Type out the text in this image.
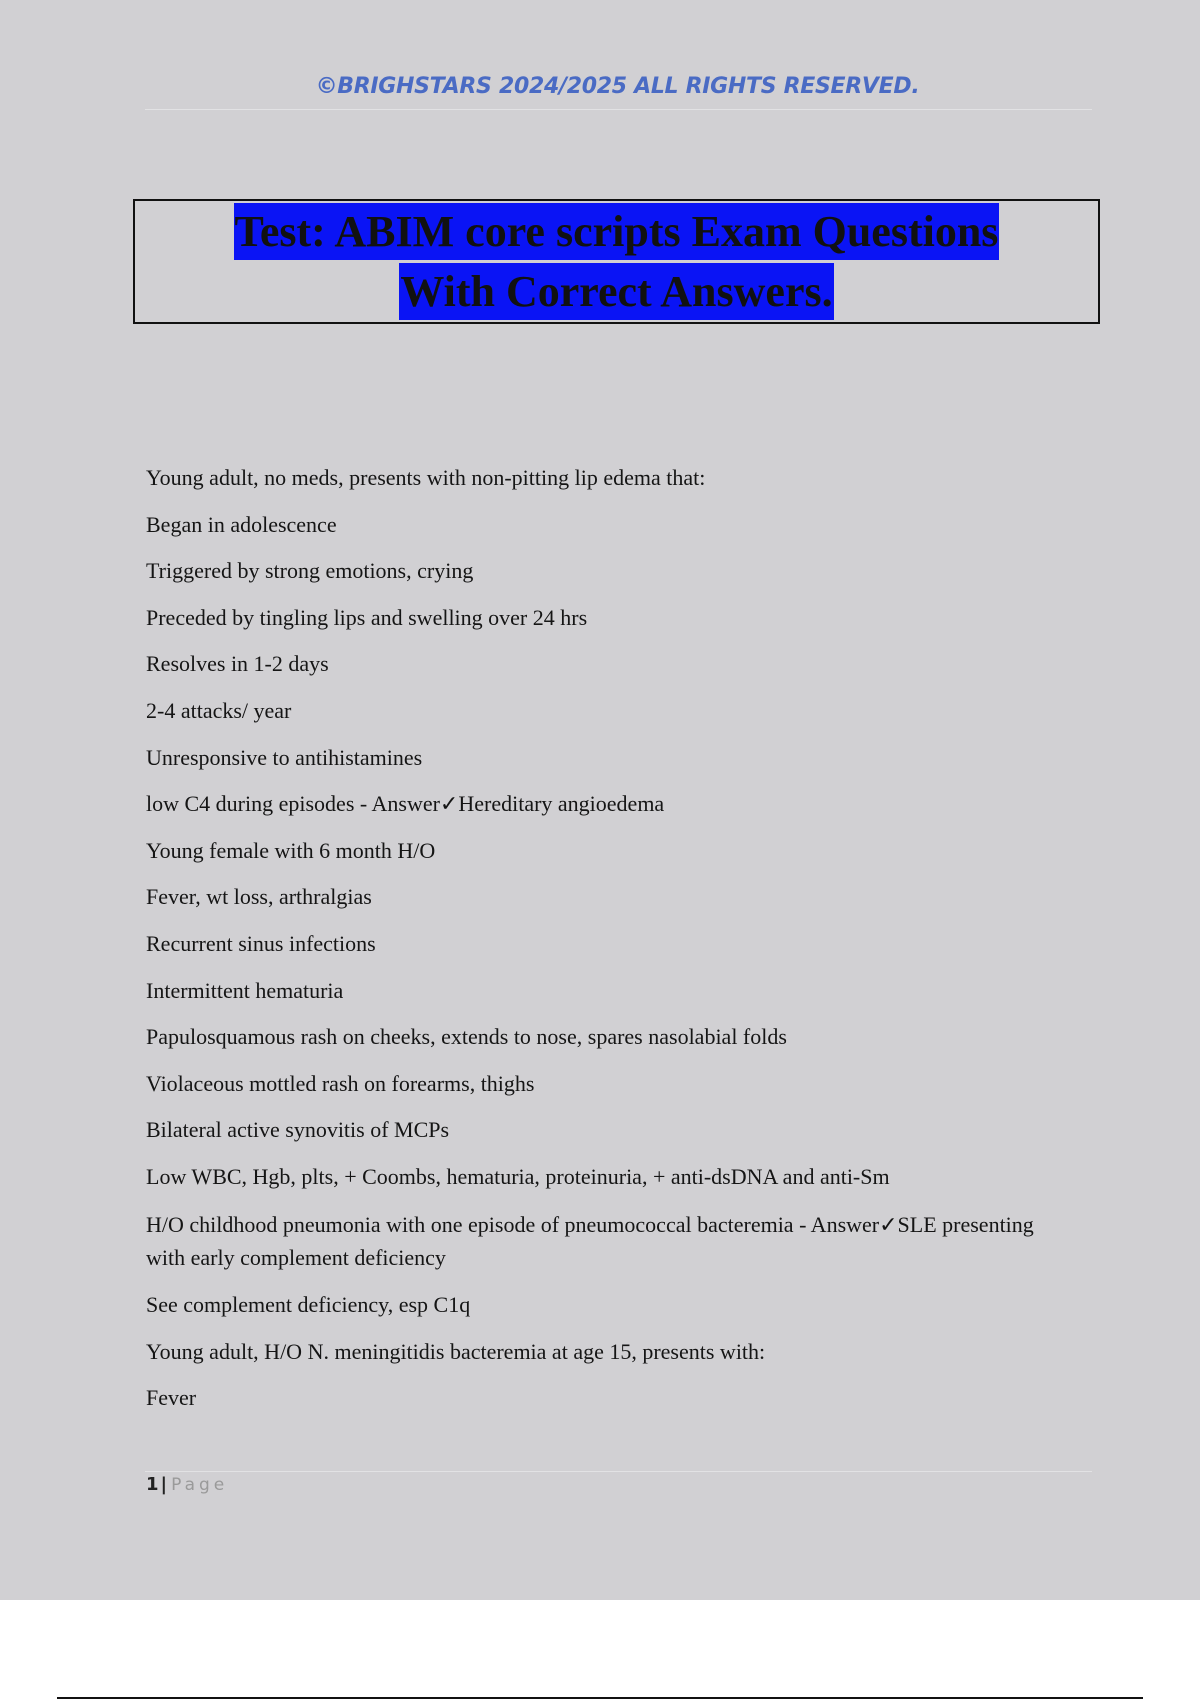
©BRIGHSTARS 2024/2025 ALL RIGHTS RESERVED.
Test: ABIM core scripts Exam Questions
With Correct Answers.

Young adult, no meds, presents with non-pitting lip edema that:

Began in adolescence

Triggered by strong emotions, crying

Preceded by tingling lips and swelling over 24 hrs

Resolves in 1-2 days

2-4 attacks/ year

Unresponsive to antihistamines

low C4 during episodes - Answer✓Hereditary angioedema

Young female with 6 month H/O

Fever, wt loss, arthralgias

Recurrent sinus infections

Intermittent hematuria

Papulosquamous rash on cheeks, extends to nose, spares nasolabial folds

Violaceous mottled rash on forearms, thighs

Bilateral active synovitis of MCPs

Low WBC, Hgb, plts, + Coombs, hematuria, proteinuria, + anti-dsDNA and anti-Sm

H/O childhood pneumonia with one episode of pneumococcal bacteremia - Answer✓SLE presenting with early complement deficiency

See complement deficiency, esp C1q

Young adult, H/O N. meningitidis bacteremia at age 15, presents with:

Fever

1 | Page
